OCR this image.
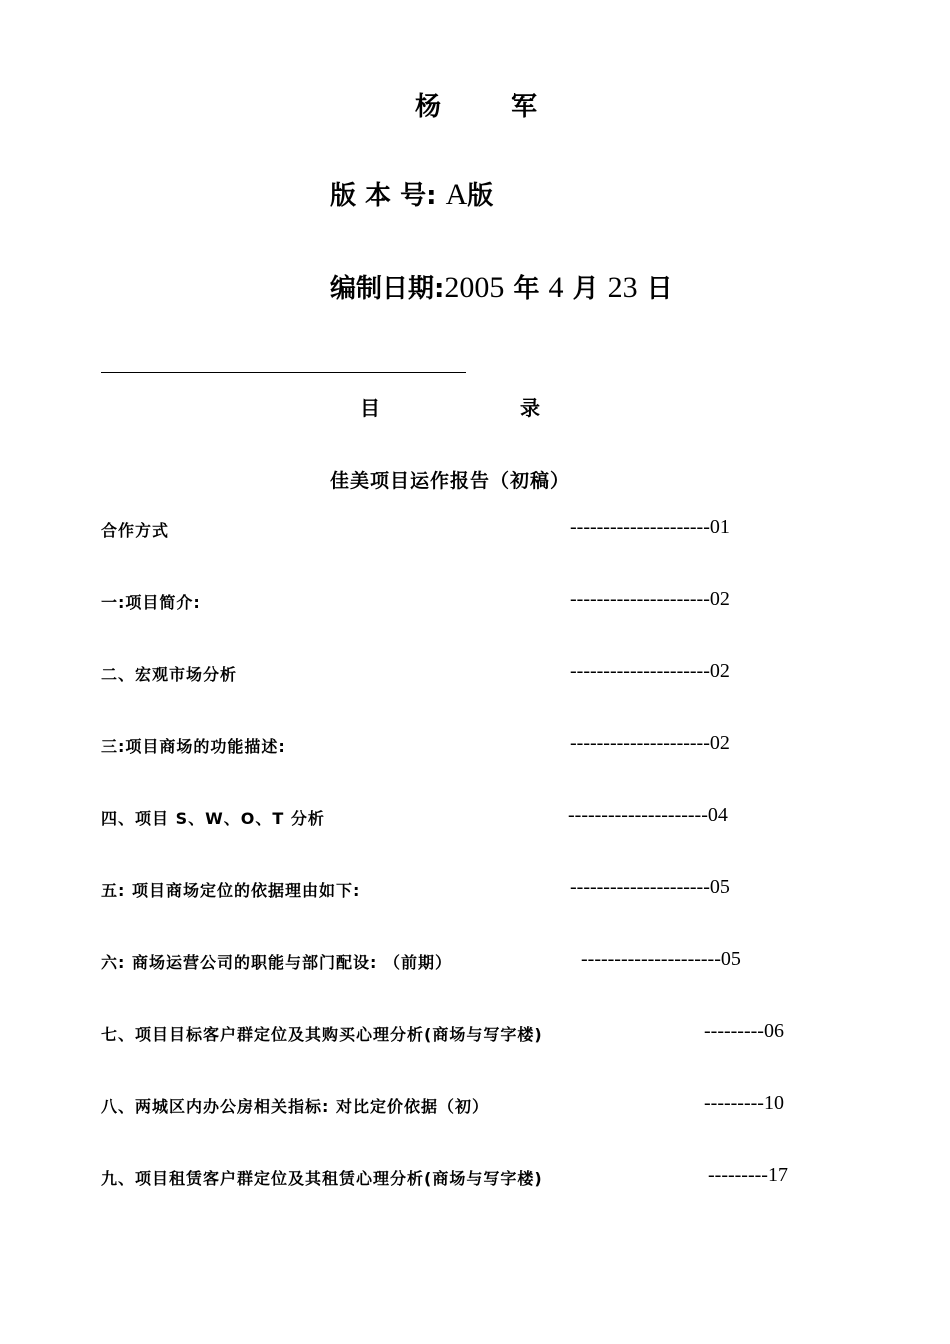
杨	军
版 本 号: A版
编制日期:2005 年 4 月 23 日
目	录
佳美项目运作报告（初稿）
合作方式	---------------------01
一:项目简介:	---------------------02
二、宏观市场分析	---------------------02
三:项目商场的功能描述:	---------------------02
四、项目 S、W、O、T 分析	---------------------04
五: 项目商场定位的依据理由如下:	---------------------05
六: 商场运营公司的职能与部门配设: （前期）	---------------------05
七、项目目标客户群定位及其购买心理分析(商场与写字楼)	---------06
八、两城区内办公房相关指标: 对比定价依据（初）	---------10
九、项目租赁客户群定位及其租赁心理分析(商场与写字楼)	---------17
